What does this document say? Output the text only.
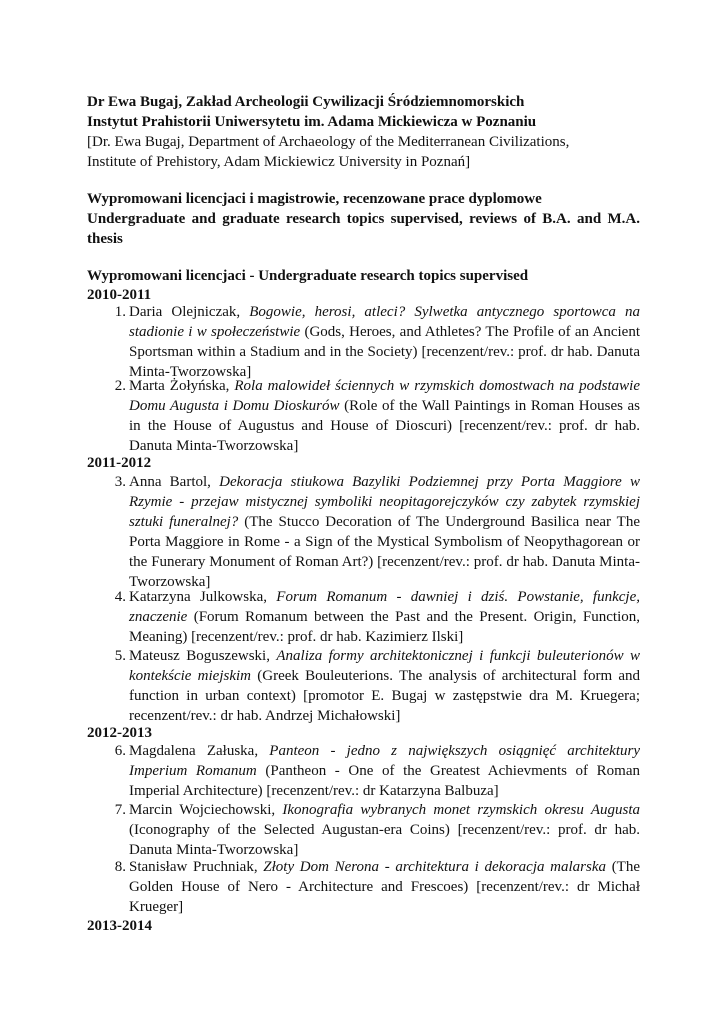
Dr Ewa Bugaj, Zakład Archeologii Cywilizacji Śródziemnomorskich
Instytut Prahistorii Uniwersytetu im. Adama Mickiewicza w Poznaniu
[Dr. Ewa Bugaj, Department of Archaeology of the Mediterranean Civilizations,
Institute of Prehistory, Adam Mickiewicz University in Poznań]
Wypromowani licencjaci i magistrowie, recenzowane prace dyplomowe
Undergraduate and graduate research topics supervised, reviews of B.A. and M.A. thesis
Wypromowani licencjaci - Undergraduate research topics supervised
2010-2011
1. Daria Olejniczak, Bogowie, herosi, atleci? Sylwetka antycznego sportowca na stadionie i w społeczeństwie (Gods, Heroes, and Athletes? The Profile of an Ancient Sportsman within a Stadium and in the Society) [recenzent/rev.: prof. dr hab. Danuta Minta-Tworzowska]
2. Marta Żołyńska, Rola malowideł ściennych w rzymskich domostwach na podstawie Domu Augusta i Domu Dioskurów (Role of the Wall Paintings in Roman Houses as in the House of Augustus and House of Dioscuri) [recenzent/rev.: prof. dr hab. Danuta Minta-Tworzowska]
2011-2012
3. Anna Bartol, Dekoracja stiukowa Bazyliki Podziemnej przy Porta Maggiore w Rzymie - przejaw mistycznej symboliki neopitagorejczyków czy zabytek rzymskiej sztuki funeralnej? (The Stucco Decoration of The Underground Basilica near The Porta Maggiore in Rome - a Sign of the Mystical Symbolism of Neopythagorean or the Funerary Monument of Roman Art?) [recenzent/rev.: prof. dr hab. Danuta Minta-Tworzowska]
4. Katarzyna Julkowska, Forum Romanum - dawniej i dziś. Powstanie, funkcje, znaczenie (Forum Romanum between the Past and the Present. Origin, Function, Meaning) [recenzent/rev.: prof. dr hab. Kazimierz Ilski]
5. Mateusz Boguszewski, Analiza formy architektonicznej i funkcji buleuterionów w kontekście miejskim (Greek Bouleuterions. The analysis of architectural form and function in urban context) [promotor E. Bugaj w zastępstwie dra M. Kruegera; recenzent/rev.: dr hab. Andrzej Michałowski]
2012-2013
6. Magdalena Załuska, Panteon - jedno z największych osiągnięć architektury Imperium Romanum (Pantheon - One of the Greatest Achievments of Roman Imperial Architecture) [recenzent/rev.: dr Katarzyna Balbuza]
7. Marcin Wojciechowski, Ikonografia wybranych monet rzymskich okresu Augusta (Iconography of the Selected Augustan-era Coins) [recenzent/rev.: prof. dr hab. Danuta Minta-Tworzowska]
8. Stanisław Pruchniak, Złoty Dom Nerona - architektura i dekoracja malarska (The Golden House of Nero - Architecture and Frescoes) [recenzent/rev.: dr Michał Krueger]
2013-2014
